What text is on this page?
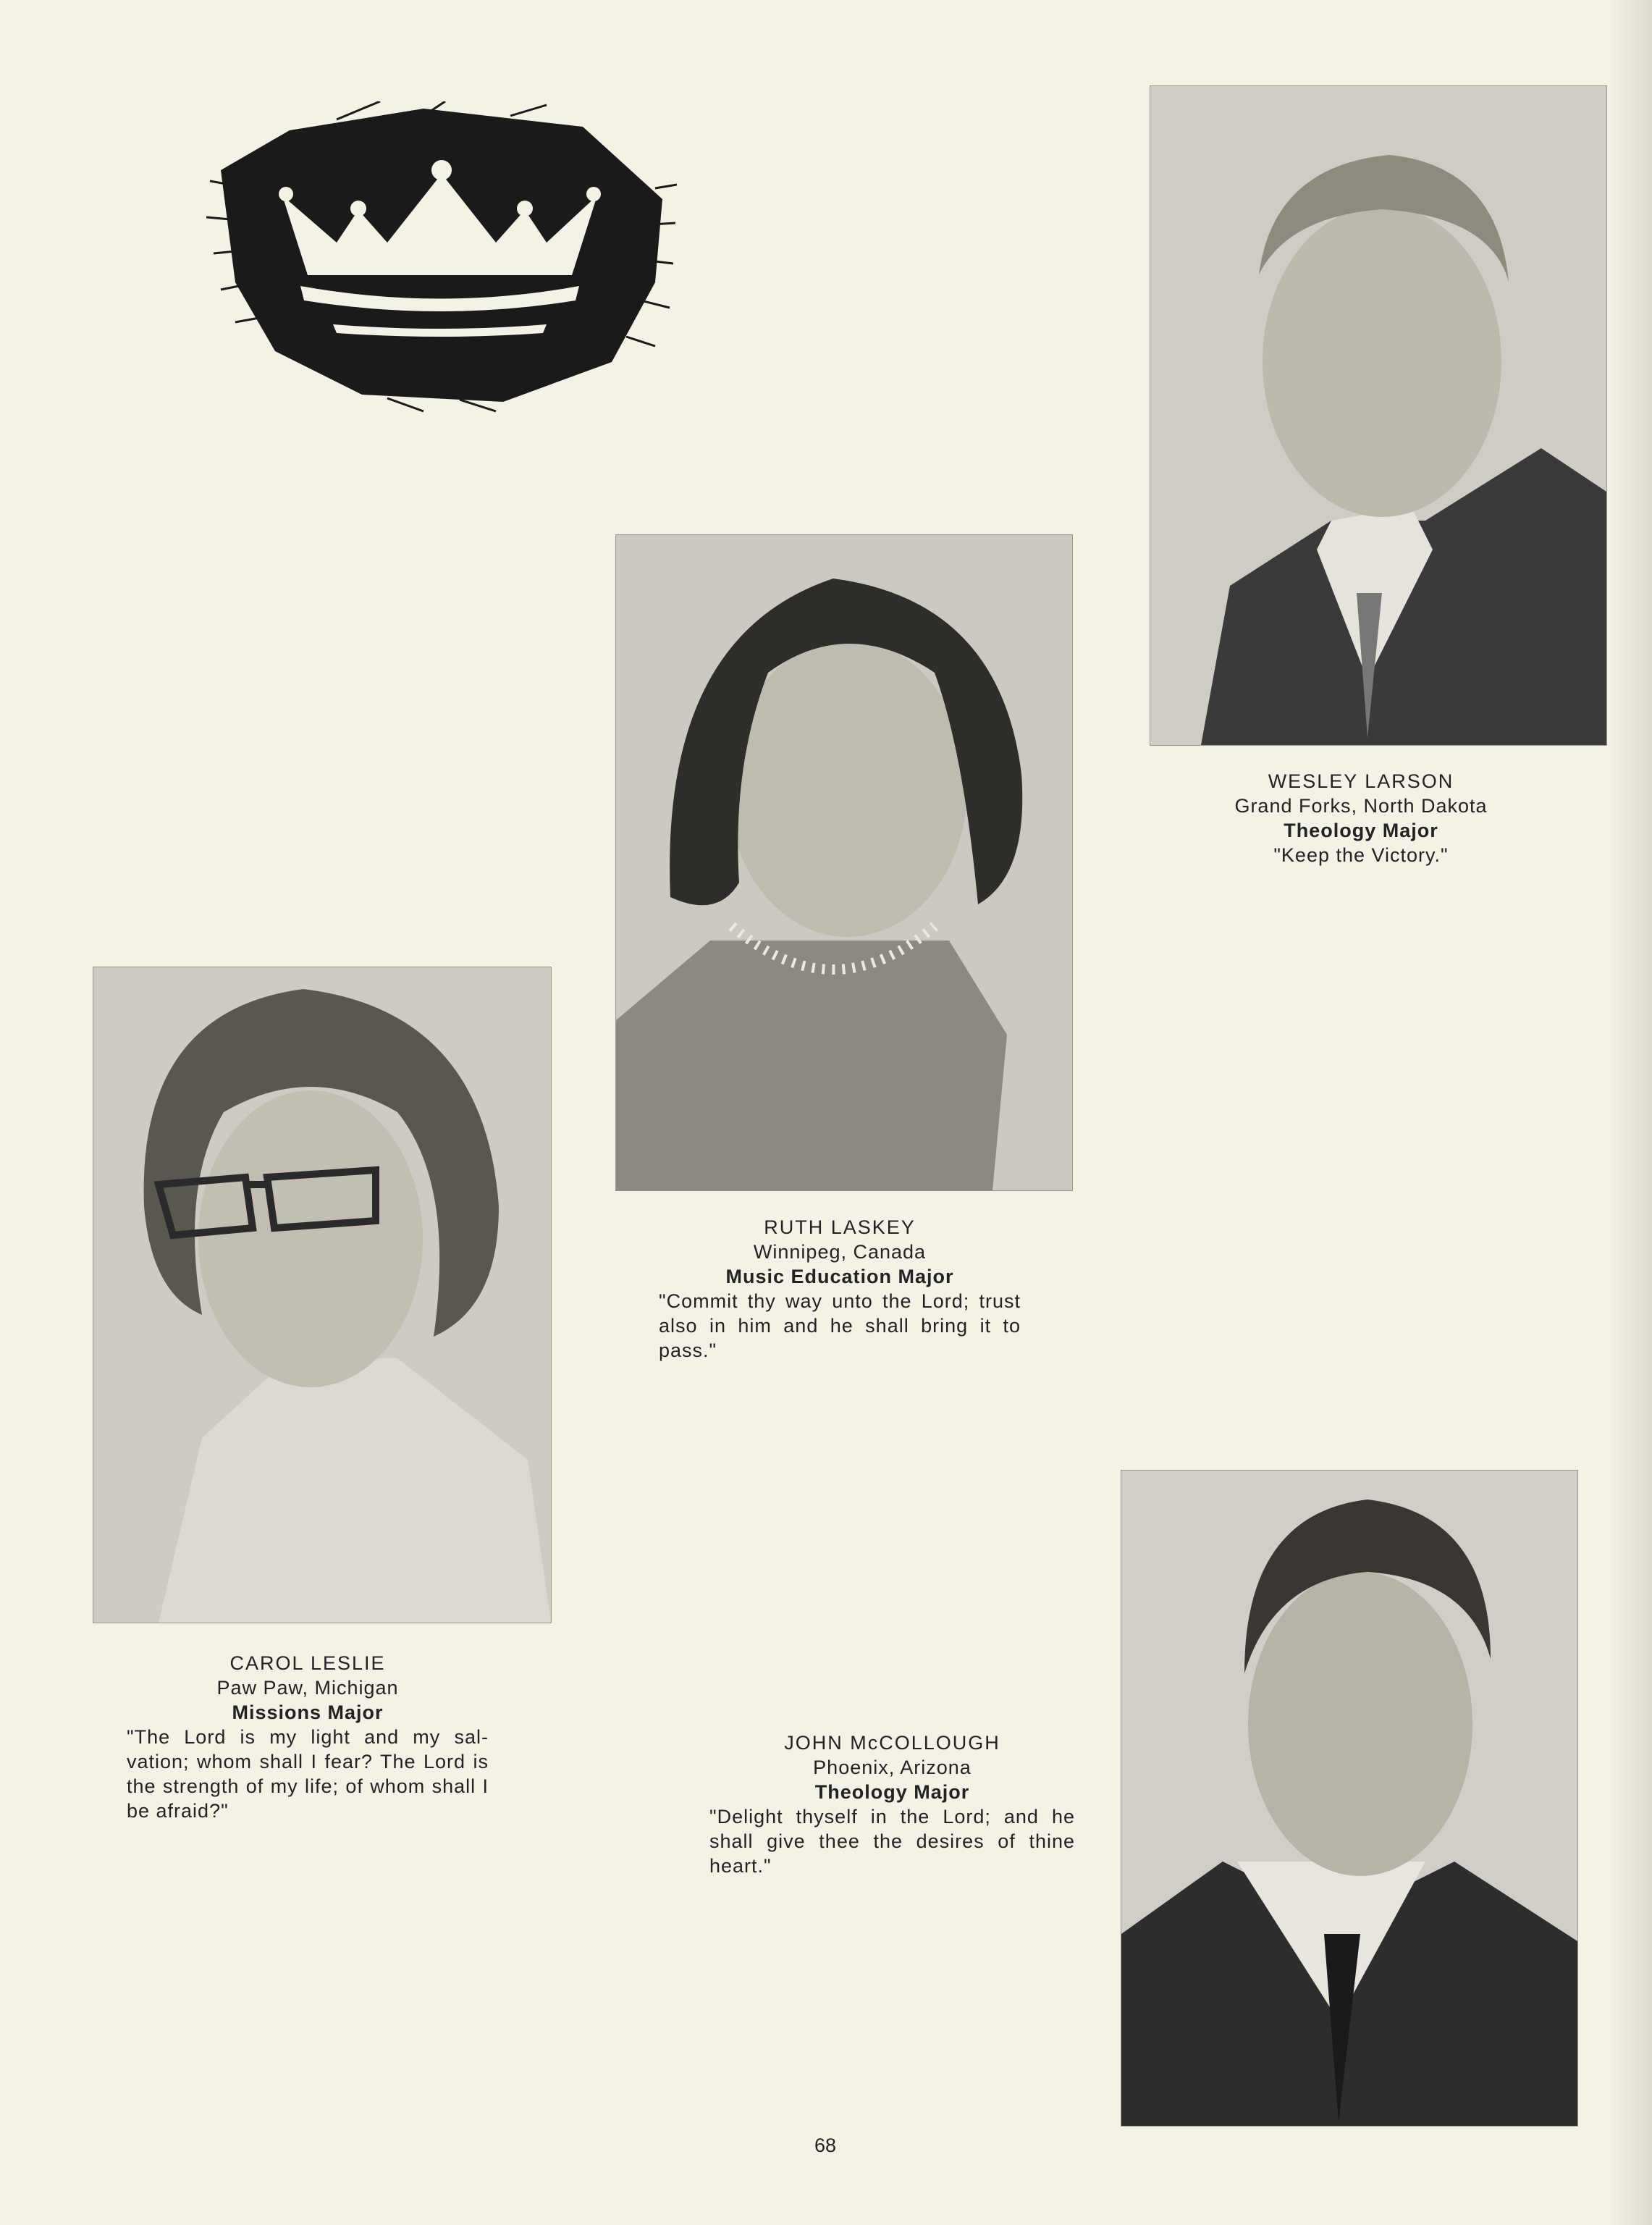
WESLEY LARSON
Grand Forks, North Dakota
Theology Major
"Keep the Victory."
RUTH LASKEY
Winnipeg, Canada
Music Education Major
"Commit thy way unto the Lord; trust also in him and he shall bring it to pass."
CAROL LESLIE
Paw Paw, Michigan
Missions Major
"The Lord is my light and my sal- vation; whom shall I fear? The Lord is the strength of my life; of whom shall I be afraid?"
JOHN McCOLLOUGH
Phoenix, Arizona
Theology Major
"Delight thyself in the Lord; and he shall give thee the desires of thine heart."
68
